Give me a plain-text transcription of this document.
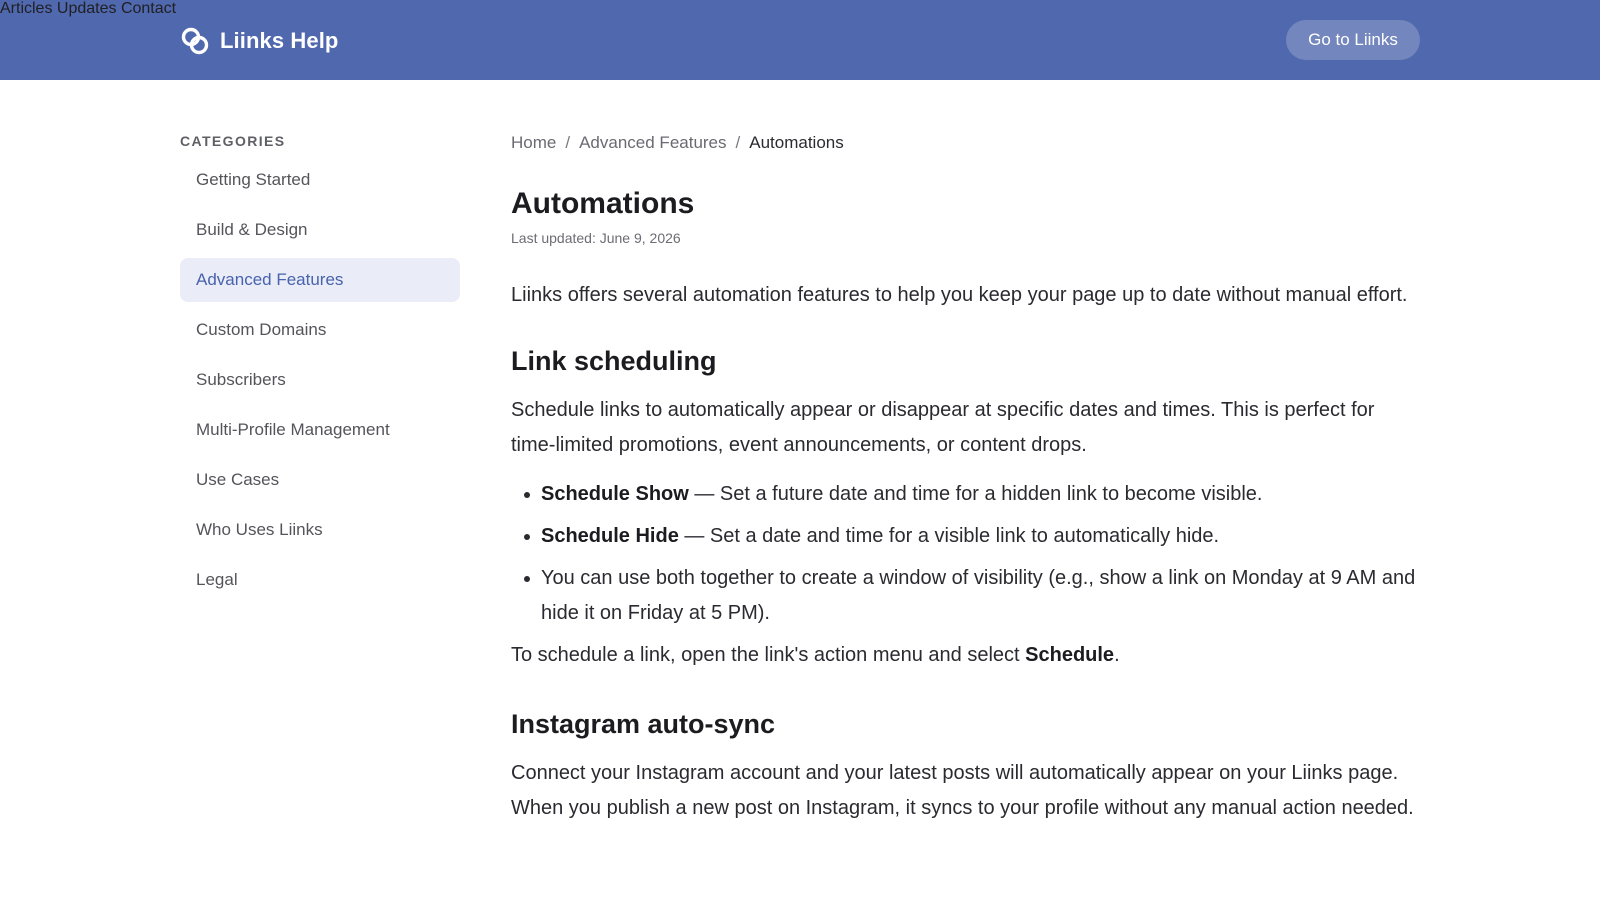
Liinks Help
Articles Updates Contact
Go to Liinks
CATEGORIES
Getting Started
Build & Design
Advanced Features
Custom Domains
Subscribers
Multi-Profile Management
Use Cases
Who Uses Liinks
Legal
Home / Advanced Features / Automations
Automations
Last updated: June 9, 2026

Liinks offers several automation features to help you keep your page up to date without manual effort.

Link scheduling

Schedule links to automatically appear or disappear at specific dates and times. This is perfect for time-limited promotions, event announcements, or content drops.

Schedule Show — Set a future date and time for a hidden link to become visible.
Schedule Hide — Set a date and time for a visible link to automatically hide.
You can use both together to create a window of visibility (e.g., show a link on Monday at 9 AM and hide it on Friday at 5 PM).

To schedule a link, open the link's action menu and select Schedule.

Instagram auto-sync

Connect your Instagram account and your latest posts will automatically appear on your Liinks page. When you publish a new post on Instagram, it syncs to your profile without any manual action needed.
